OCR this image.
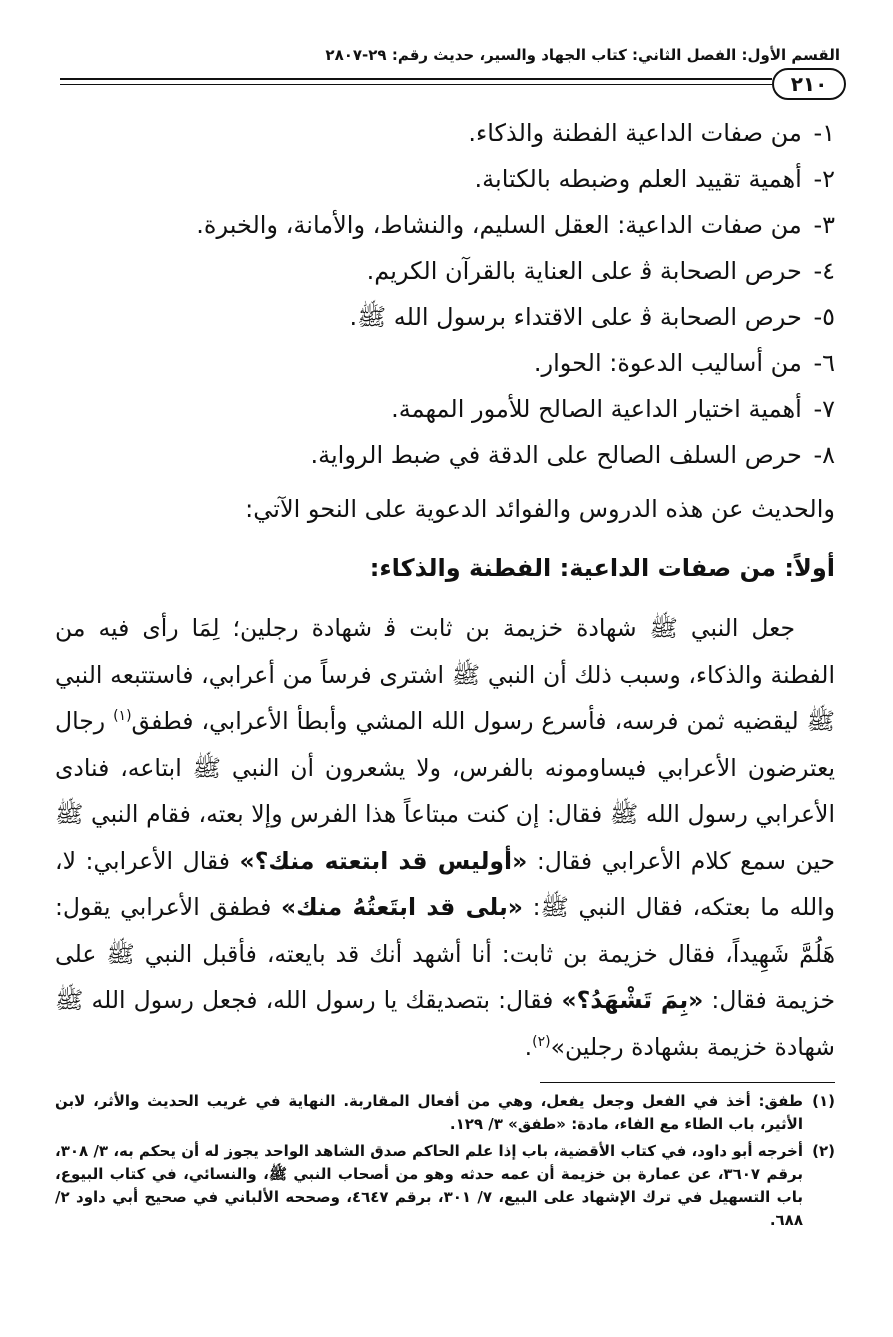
القسم الأول: الفصل الثاني: كتاب الجهاد والسير، حديث رقم: ٢٩-٢٨٠٧
٢١٠
١- من صفات الداعية الفطنة والذكاء.
٢- أهمية تقييد العلم وضبطه بالكتابة.
٣- من صفات الداعية: العقل السليم، والنشاط، والأمانة، والخبرة.
٤- حرص الصحابة ﭬ على العناية بالقرآن الكريم.
٥- حرص الصحابة ﭬ على الاقتداء برسول الله ﷺ.
٦- من أساليب الدعوة: الحوار.
٧- أهمية اختيار الداعية الصالح للأمور المهمة.
٨- حرص السلف الصالح على الدقة في ضبط الرواية.
والحديث عن هذه الدروس والفوائد الدعوية على النحو الآتي:
أولاً: من صفات الداعية: الفطنة والذكاء:

جعل النبي ﷺ شهادة خزيمة بن ثابت ﭬ شهادة رجلين؛ لِمَا رأى فيه من الفطنة والذكاء، وسبب ذلك أن النبي ﷺ اشترى فرساً من أعرابي، فاستتبعه النبي ﷺ ليقضيه ثمن فرسه، فأسرع رسول الله المشي وأبطأ الأعرابي، فطفق$^{(١)}$ رجال يعترضون الأعرابي فيساومونه بالفرس، ولا يشعرون أن النبي ﷺ ابتاعه، فنادى الأعرابي رسول الله ﷺ فقال: إن كنت مبتاعاً هذا الفرس وإلا بعته، فقام النبي ﷺ حين سمع كلام الأعرابي فقال: «أوليس قد ابتعته منك؟» فقال الأعرابي: لا، والله ما بعتكه، فقال النبي ﷺ: «بلى قد ابتَعتُهُ منك» فطفق الأعرابي يقول: هَلُمَّ شَهِيداً، فقال خزيمة بن ثابت: أنا أشهد أنك قد بايعته، فأقبل النبي ﷺ على خزيمة فقال: «بِمَ تَشْهَدُ؟» فقال: بتصديقك يا رسول الله، فجعل رسول الله ﷺ شهادة خزيمة بشهادة رجلين»$^{(٢)}$.

(١)
طفق: أخذ في الفعل وجعل يفعل، وهي من أفعال المقاربة. النهاية في غريب الحديث والأثر، لابن الأثير، باب الطاء مع الفاء، مادة: «طفق» ٣/ ١٢٩.
(٢)
أخرجه أبو داود، في كتاب الأقضية، باب إذا علم الحاكم صدق الشاهد الواحد يجوز له أن يحكم به، ٣/ ٣٠٨، برقم ٣٦٠٧، عن عمارة بن خزيمة أن عمه حدثه وهو من أصحاب النبي ﷺ، والنسائي، في كتاب البيوع، باب التسهيل في ترك الإشهاد على البيع، ٧/ ٣٠١، برقم ٤٦٤٧، وصححه الألباني في صحيح أبي داود ٢/ ٦٨٨.
